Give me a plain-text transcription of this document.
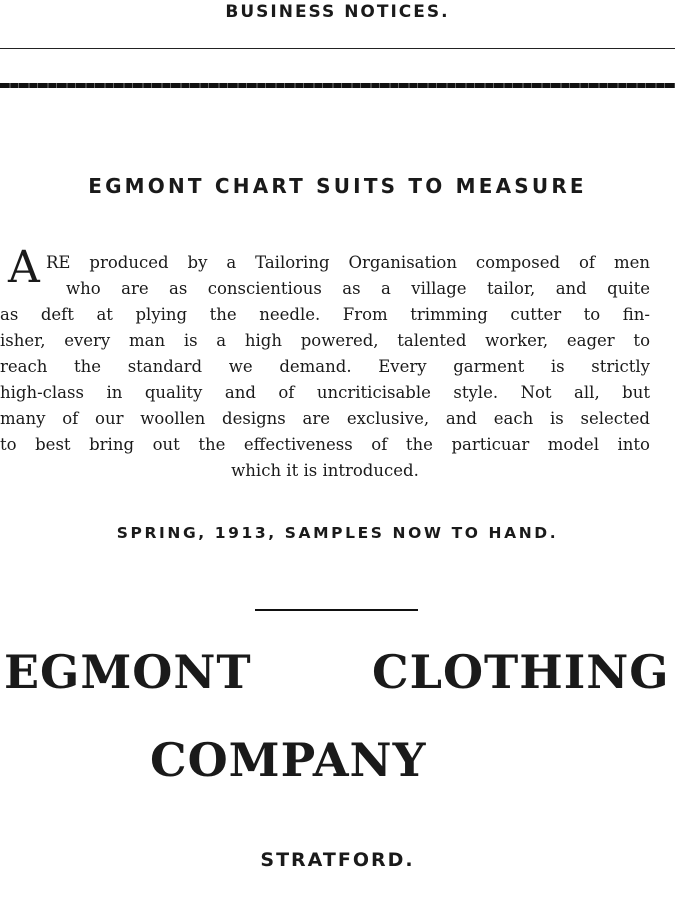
BUSINESS NOTICES.
EGMONT CHART SUITS TO MEASURE
A RE produced by a Tailoring Organisation composed of men
who are as conscientious as a village tailor, and quite
as deft at plying the needle. From trimming cutter to fin-
isher, every man is a high powered, talented worker, eager to
reach the standard we demand. Every garment is strictly
high-class in quality and of uncriticisable style. Not all, but
many of our woollen designs are exclusive, and each is selected
to best bring out the effectiveness of the particuar model into
which it is introduced.
SPRING, 1913, SAMPLES NOW TO HAND.
EGMONT	CLOTHING
COMPANY
STRATFORD.
